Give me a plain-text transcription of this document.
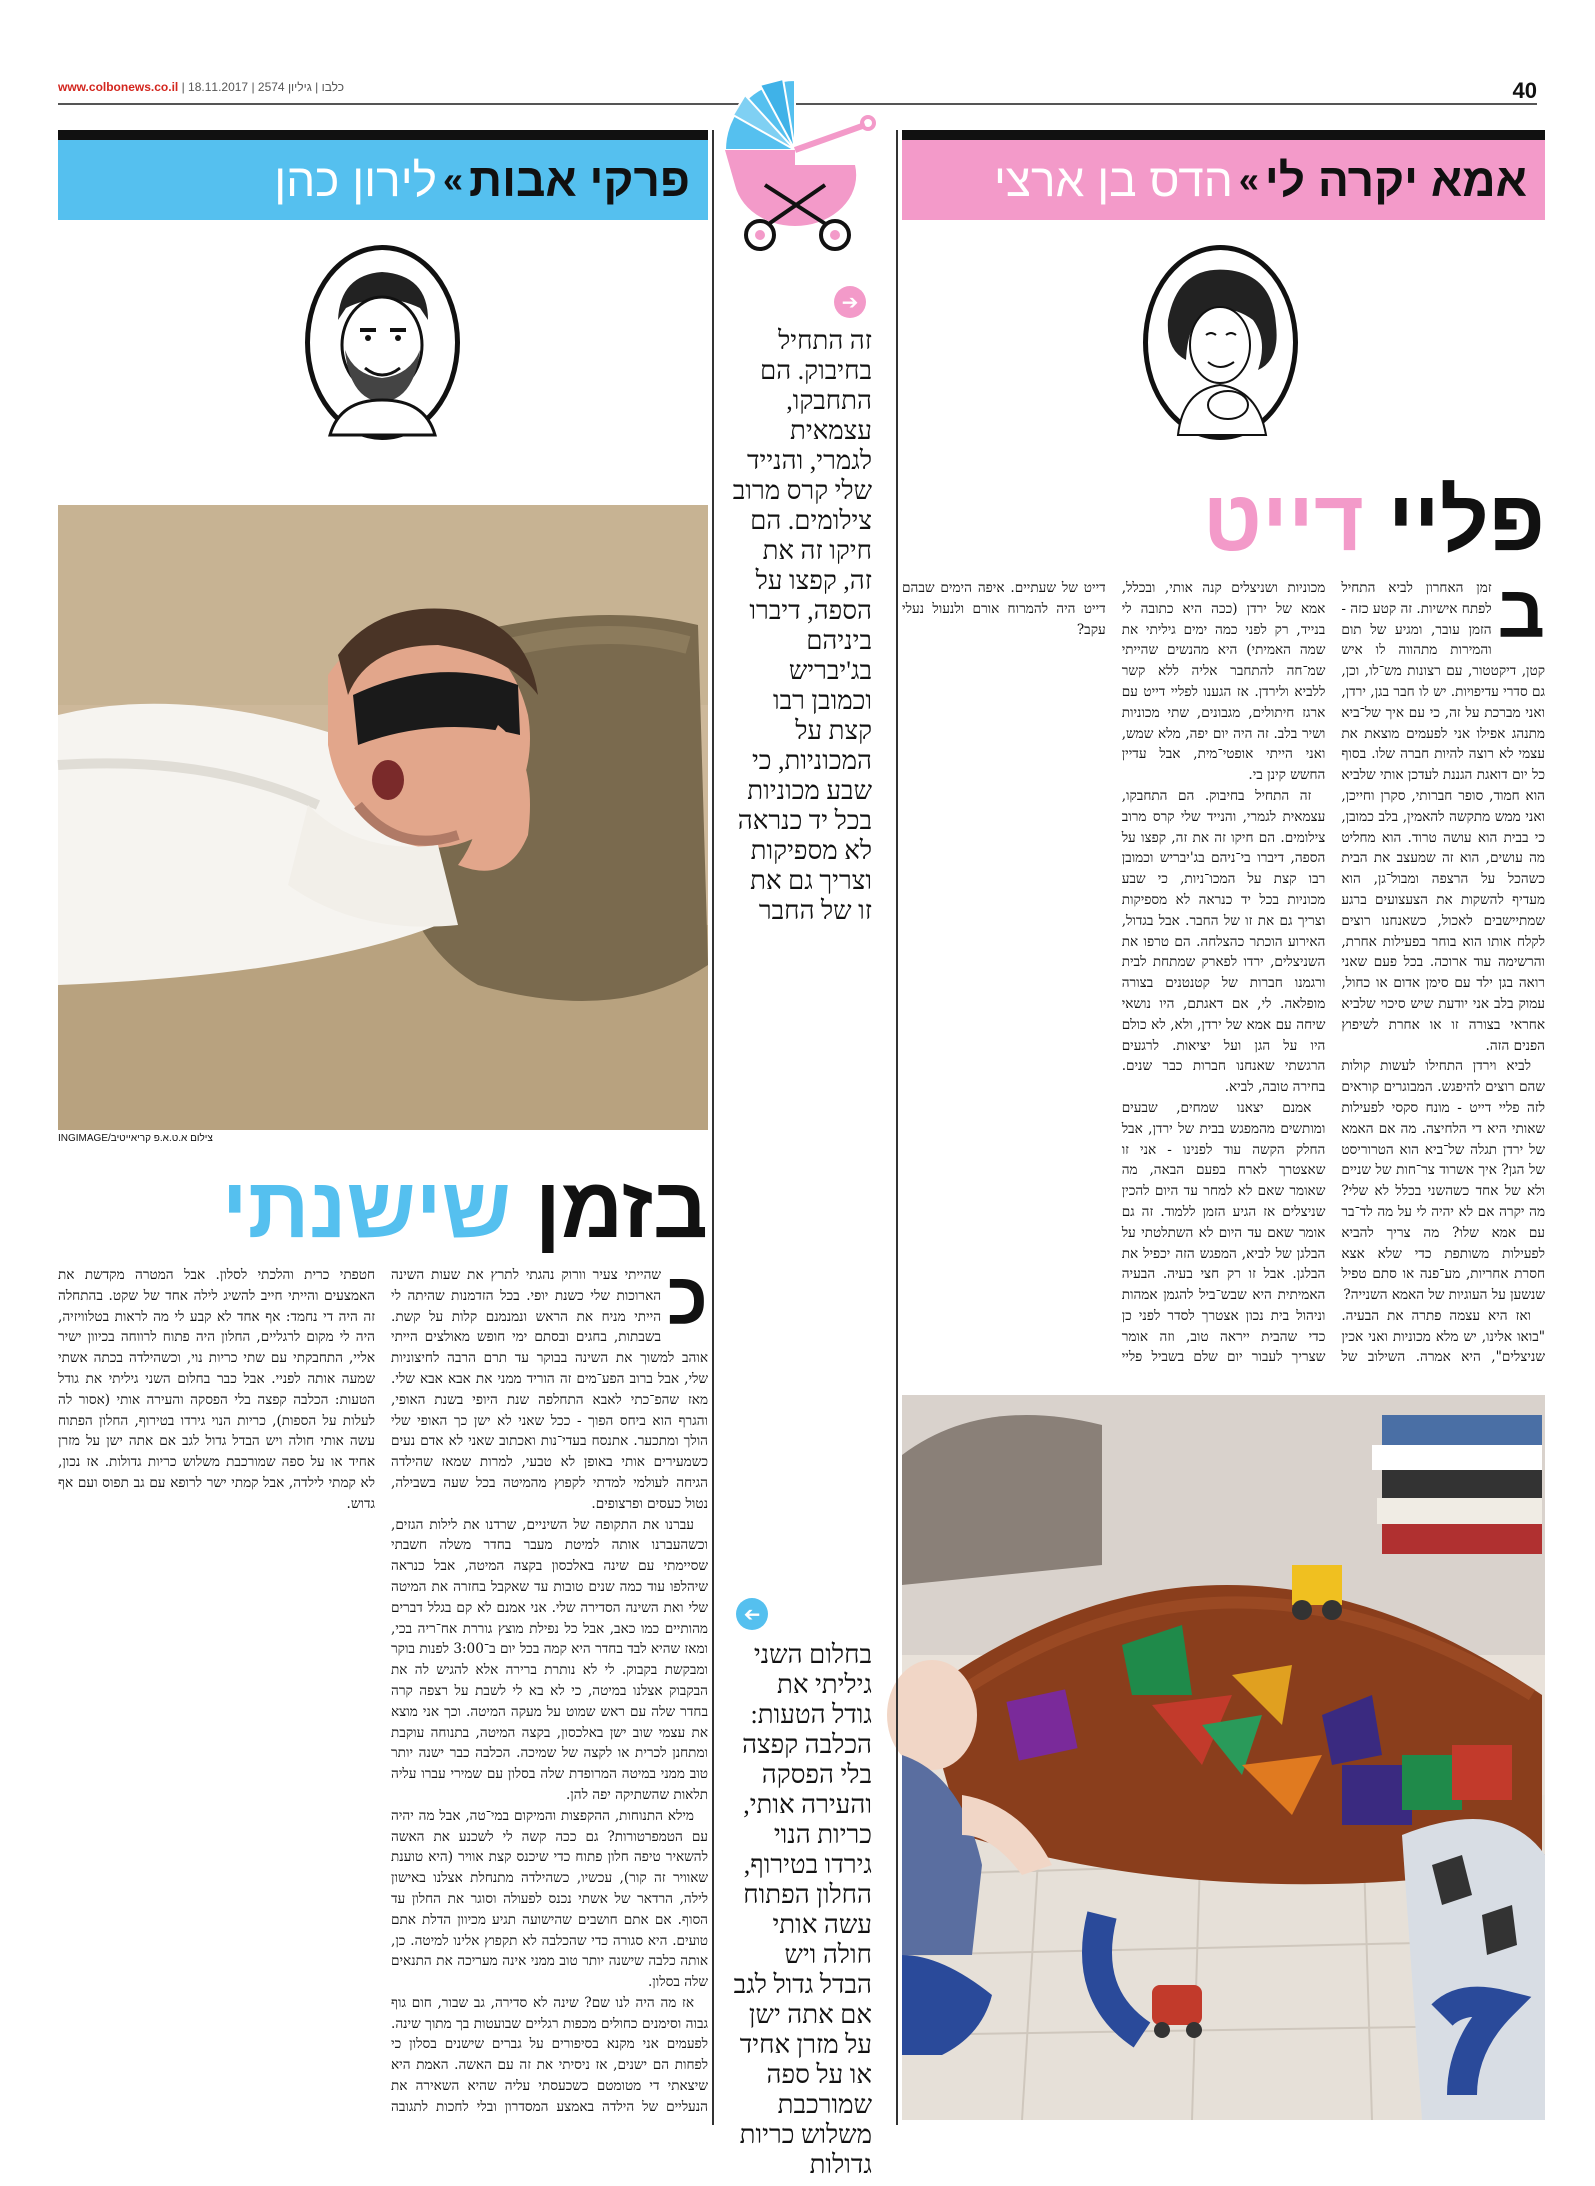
www.colbonews.co.il | כלבו | גיליון 2574 | 18.11.2017	40
אמא יקרה לי
»
הדס בן ארצי
פליי דייט

ב
זמן האחרון לביא התחיל לפתח אישיות. זה קטע כזה - הזמן עובר, ומגיע של תום והמירות מתהווה לו איש קטן, דיקטטור, עם רצונות מש־לו, וכן, גם סדרי עדיפויות. יש לו חבר בגן, ירדן, ואני מברכת על זה, כי עם איך של־ביא מתנהג אפילו אני לפעמים מוצאת את עצמי לא רוצה להיות חברה שלו. בסוף כל יום דואגת הגננת לעדכן אותי שלביא הוא חמוד, סופר חברותי, סקרן וחייכן, ואני ממש מתקשה להאמין, בלב כמובן, כי בבית הוא עושה טרוד. הוא מחליט מה עושים, הוא זה שמעצב את הבית כשהכל על הרצפה ומבול־גן, הוא מעדיף להשקות את הצעצועים ברגע שמתיישבים לאכול, כשאנחנו רוצים לקלח אותו הוא בוחר בפעילות אחרת, והרשימה עוד ארוכה. בכל פעם שאני רואה בגן ילד עם סימן אדום או כחול, עמוק בלב אני יודעת שיש סיכוי שלביא אחראי בצורה זו או אחרת לשיפוץ הפנים הזה.

לביא וירדן התחילו לעשות קולות שהם רוצים להיפגש. המבוגרים קוראים לזה פליי דייט - מונח סקסי לפעילות שאותי היא די הלחיצה. מה אם האמא של ירדן תגלה של־ביא הוא הטרוריסט של הגן? איך אשרוד צר־חות של שניים ולא של אחד כשהשני בכלל לא שלי? מה יקרה אם לא יהיה לי על מה לד־בר עם אמא שלו? מה צריך להביא לפעילות משותפת כדי שלא אצא חסרת אחריות, מע־פנה או סתם טפיל שנשען על העוגיות של האמא השנייה?

ואז היא עצמה פתרה את הבעיה. "בואו אלינו, יש מלא מכוניות ואני אכין שניצלים", היא אמרה. השילוב של מכוניות ושניצלים קנה אותי, ובכלל, אמא של ירדן (ככה היא כתובה לי בנייד, רק לפני כמה ימים גיליתי את שמה האמיתי) היא מהנשים שהייתי שמ־חה להתחבר אליה ללא קשר ללביא ולירדן. אז הגענו לפליי דייט עם ארגז חיתולים, מגבונים, שתי מכוניות ושיר בלב. זה היה יום יפה, מלא שמש, ואני הייתי אופטי־מית, אבל עדיין החשש קינן בי.

זה התחיל בחיבוק. הם התחבקו, עצמאית לגמרי, והנייד שלי קרס מרוב צילומים. הם חיקו זה את זה, קפצו על הספה, דיברו בי־ניהם בג'יבריש וכמובן רבו קצת על המכו־ניות, כי שבע מכוניות בכל יד כנראה לא מספיקות וצריך גם את זו של החבר. אבל בגדול, האירוע הוכתר כהצלחה. הם טרפו את השניצלים, ירדו לפארק שמתחת לבית ורגמנו חברות של קטנטנים בצורה מופלאה. לי, אם דאגתם, היו נושאי שיחה עם אמא של ירדן, ולא, לא כולם היו על הגן ועל יציאות. לרגעים הרגשתי שאנחנו חברות כבר שנים. בחירה טובה, לביא.

אמנם יצאנו שמחים, שבעים ומותשים מהמפגש בבית של ירדן, אבל החלק הקשה עוד לפנינו - אני זו שאצטרך לארח בפעם הבאה, מה שאומר שאם לא למחר עד היום להכין שניצלים אז הגיע הזמן ללמוד. זה גם אומר שאם עד היום לא השתלטתי על הבלגן של לביא, המפגש הזה יכפיל את הבלגן. אבל זו רק חצי בעיה. הבעיה האמיתית היא שבש־ביל להגמן אמהות וניהול בית נכון אצטרך לסדר לפני כן כדי שהבית ייראה טוב, וזה אומר שצריך לעבור יום שלם בשביל פליי דייט של שעתיים. איפה הימים שבהם דייט היה להמרוח אורם ולנעול נעלי עקב?

פרקי אבות
»
לירון כהן
צילום א.ט.א.פ קריאייטיב/INGIMAGE
בזמן שישנתי

כ
שהייתי צעיר וורוק נהגתי לתרץ את שעות השינה הארוכות שלי כשנת יופי. בכל הזדמנות שהיתה לי הייתי מניח את הראש ונמנמנם קלות על קשת. בשבתות, בחגים ובסתם ימי חופש מאולצים הייתי אוהב למשוך את השינה בבוקר עד תרם הרבה לחיצוניות שלי, אבל ברוב הפע־מים זה הוריד ממני את אבא אבא שלי. מאז שהפ־כתי לאבא התחלפה שנת היופי בשנת האופי, והגרף הוא ביחס הפוך - ככל שאני לא ישן כך האופי שלי הולך ומתכער. אתנסח בעדי־נות ואכתוב שאני לא אדם נעים כשמעירים אותי באופן לא טבעי, למרות שמאז שהילדה הגיחה לעולמי למדתי לקפוץ מהמיטה בכל שעה בשבילה, נטול כעסים ופרצופים.

עברנו את התקופה של השיניים, שרדנו את לילות הגזים, וכשהעברנו אותה למיטת מעבר בחדר משלה חשבתי שסיימתי עם שינה באלכסון בקצה המיטה, אבל כנראה שיהלפו עוד כמה שנים טובות עד שאקבל בחזרה את המיטה שלי ואת השינה הסדירה שלי. אני אמנם לא קם בגלל דברים מהותיים כמו כאב, אבל כל נפילת מוצץ גוררת אח־ריה בכי, ומאז שהיא לבד בחדר היא קמה בכל יום ב־3:00 לפנות בוקר ומבקשת בקבוק. לי לא נותרת ברירה אלא להגיש לה את הבקבוק אצלנו במיטה, כי לא בא לי לשבת על רצפה קרה בחדר שלה עם ראש שמוט על מעקה המיטה. וכך אני מוצא את עצמי שוב ישן באלכסון, בקצה המיטה, בתנוחה עוקבת ומתחנן לכרית או לקצה של שמיכה. הכלבה כבר ישנה יותר טוב ממני במיטה המרופדת שלה בסלון עם שמירי עברו עליה תלאות שהשתיקה יפה להן.

מילא התנוחות, ההקפצות והמיקום במי־טה, אבל מה יהיה עם הטמפרטורות? גם ככה קשה לי לשכנע את האשה להשאיר טיפה חלון פתוח כדי שיכנס קצת אוויר (היא טוענת שאוויר זה קור), עכשיו, כשהילדה מתנחלת אצלנו באישון לילה, הרדאר של אשתי נכנס לפעולה וסוגר את החלון עד הסוף. אם אתם חושבים שהישועה תגיע מכיוון הדלת אתם טועים. היא סגורה כדי שהכלבה לא תקפוץ אלינו למיטה. כן, אותה כלבה שישנה יותר טוב ממני אינה מעריכה את התנאים שלה בסלון.

אז מה היה לנו שם? שינה לא סדירה, גב שבור, חום גוף גבוה וסימנים כחולים מכפות רגליים שבועטות בך מתוך שינה. לפעמים אני מקנא בסיפורים על גברים שישנים בסלון כי לפחות הם ישנים, אז ניסיתי את זה עם האשה. האמת היא שיצאתי די מטומטם כשכעסתי עליה שהיא השאירה את הנעליים של הילדה באמצע המסדרון ובלי לחכות לתגובה חטפתי כרית והלכתי לסלון. אבל המטרה מקדשת את האמצעים והייתי חייב להשיג לילה אחד של שקט. בהתחלה זה היה די נחמד: אף אחד לא קבע לי מה לראות בטלוויזיה, היה לי מקום לרגליים, החלון היה פתוח לרווחה בכיוון ישיר אליי, התחבקתי עם שתי כריות נוי, וכשהילדה בכתה אשתי שמעה אותה לפניי. אבל כבר בחלום השני גיליתי את גודל הטעות: הכלבה קפצה בלי הפסקה והעירה אותי (אסור לה לעלות על הספות), כריות הנוי גירדו בטירוף, החלון הפתוח עשה אותי חולה ויש הבדל גדול לגב אם אתה ישן על מזרן אחיד או על ספה שמורכבת משלוש כריות גדולות. אז נכון, לא קמתי לילדה, אבל קמתי ישר לרופא עם גב תפוס ועם אף גדוש.

➔
זה התחיל בחיבוק. הם התחבקו, עצמאית לגמרי, והנייד שלי קרס מרוב צילומים. הם חיקו זה את זה, קפצו על הספה, דיברו ביניהם בג'יבריש וכמובן רבו קצת על המכוניות, כי שבע מכוניות בכל יד כנראה לא מספיקות וצריך גם את זו של החבר
➔
בחלום השני גיליתי את גודל הטעות: הכלבה קפצה בלי הפסקה והעירה אותי, כריות הנוי גירדו בטירוף, החלון הפתוח עשה אותי חולה ויש הבדל גדול לגב אם אתה ישן על מזרן אחיד או על ספה שמורכבת משלוש כריות גדולות
